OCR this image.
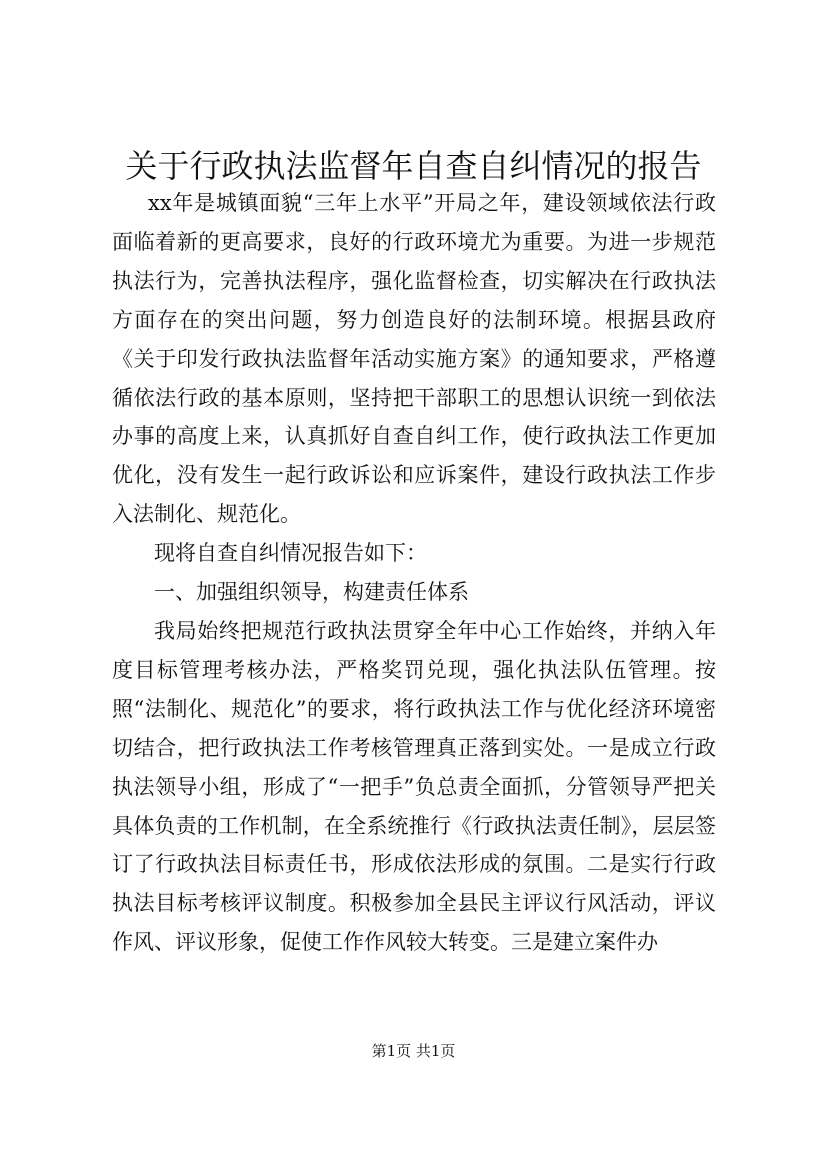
关于行政执法监督年自查自纠情况的报告

xx年是城镇面貌“三年上水平”开局之年，建设领域依法行政面临着新的更高要求，良好的行政环境尤为重要。为进一步规范执法行为，完善执法程序，强化监督检查，切实解决在行政执法方面存在的突出问题，努力创造良好的法制环境。根据县政府《关于印发行政执法监督年活动实施方案》的通知要求，严格遵循依法行政的基本原则，坚持把干部职工的思想认识统一到依法办事的高度上来，认真抓好自查自纠工作，使行政执法工作更加优化，没有发生一起行政诉讼和应诉案件，建设行政执法工作步入法制化、规范化。

现将自查自纠情况报告如下：

一、加强组织领导，构建责任体系

我局始终把规范行政执法贯穿全年中心工作始终，并纳入年度目标管理考核办法，严格奖罚兑现，强化执法队伍管理。按照“法制化、规范化”的要求，将行政执法工作与优化经济环境密切结合，把行政执法工作考核管理真正落到实处。一是成立行政执法领导小组，形成了“一把手”负总责全面抓，分管领导严把关具体负责的工作机制，在全系统推行《行政执法责任制》，层层签订了行政执法目标责任书，形成依法形成的氛围。二是实行行政执法目标考核评议制度。积极参加全县民主评议行风活动，评议作风、评议形象，促使工作作风较大转变。三是建立案件办

第1页 共1页
